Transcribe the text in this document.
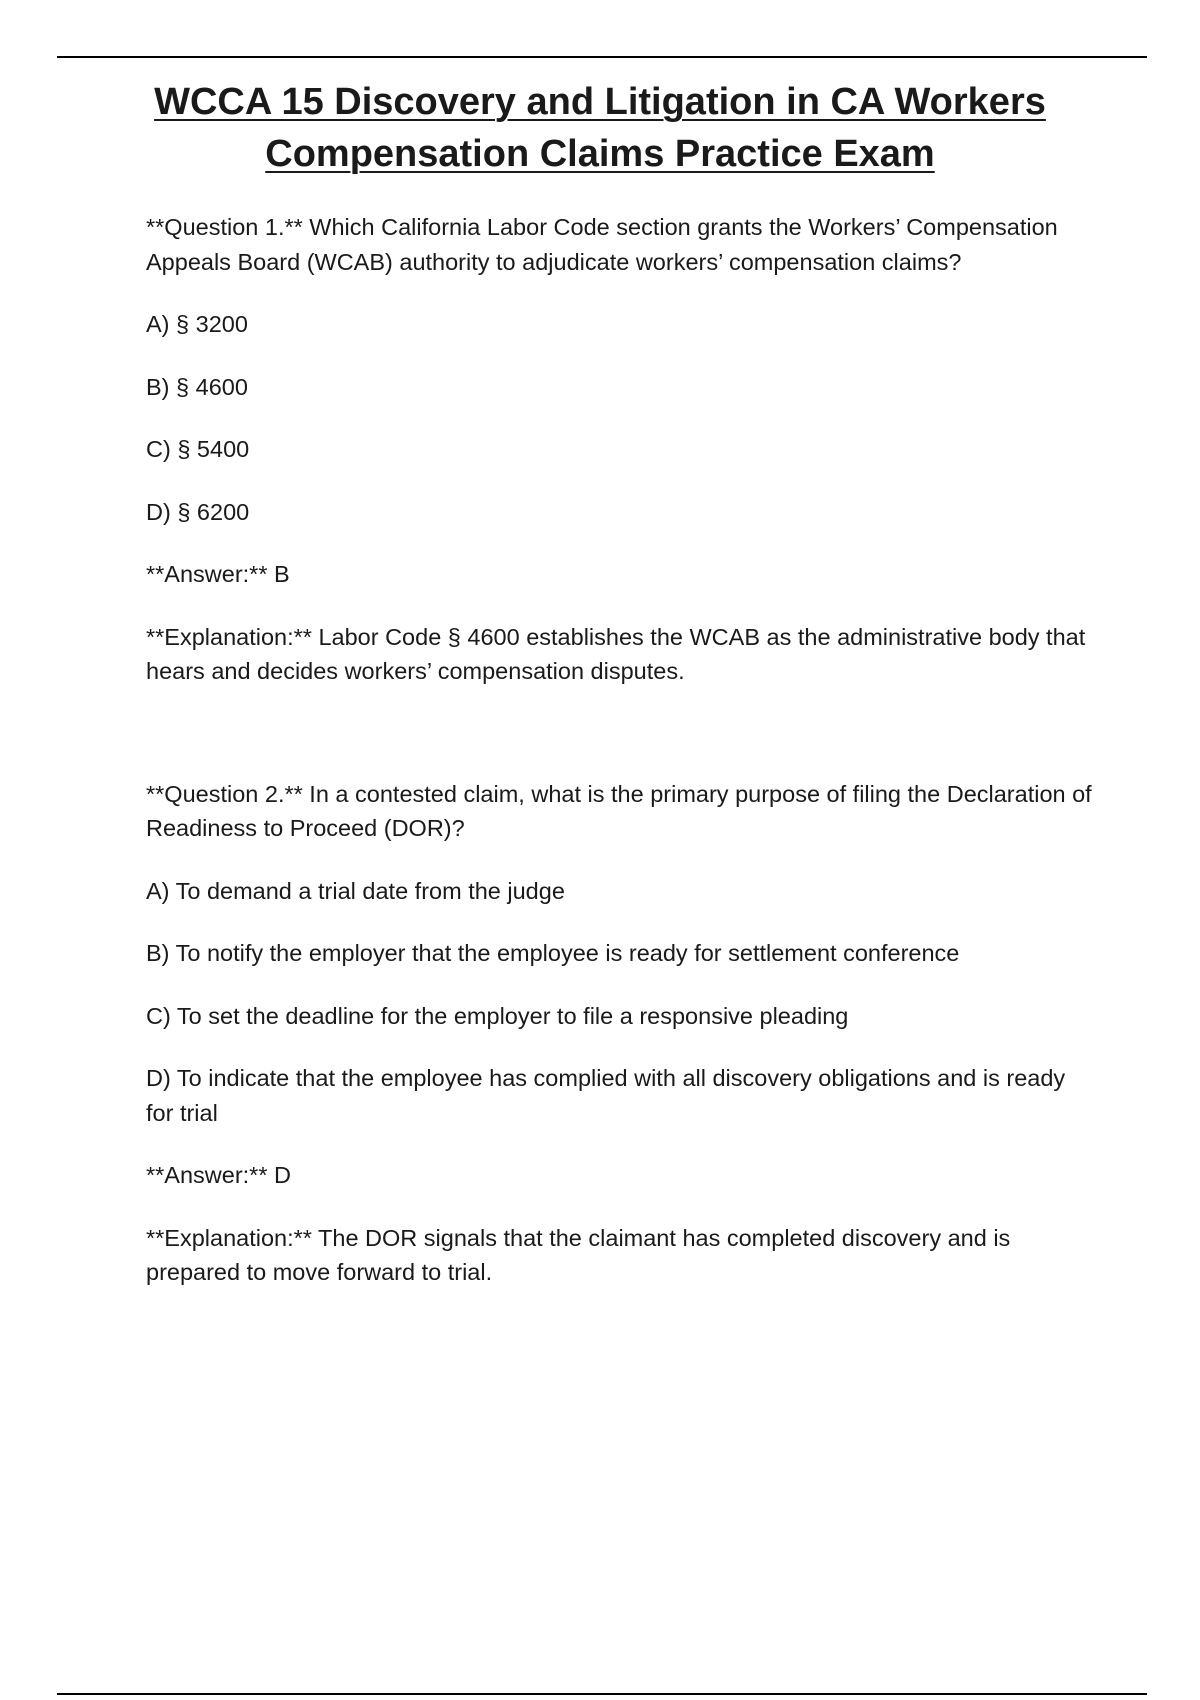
WCCA 15 Discovery and Litigation in CA Workers
Compensation Claims Practice Exam

**Question 1.** Which California Labor Code section grants the Workers’ Compensation Appeals Board (WCAB) authority to adjudicate workers’ compensation claims?

A) § 3200

B) § 4600

C) § 5400

D) § 6200

**Answer:** B

**Explanation:** Labor Code § 4600 establishes the WCAB as the administrative body that hears and decides workers’ compensation disputes.

**Question 2.** In a contested claim, what is the primary purpose of filing the Declaration of Readiness to Proceed (DOR)?

A) To demand a trial date from the judge

B) To notify the employer that the employee is ready for settlement conference

C) To set the deadline for the employer to file a responsive pleading

D) To indicate that the employee has complied with all discovery obligations and is ready for trial

**Answer:** D

**Explanation:** The DOR signals that the claimant has completed discovery and is prepared to move forward to trial.
